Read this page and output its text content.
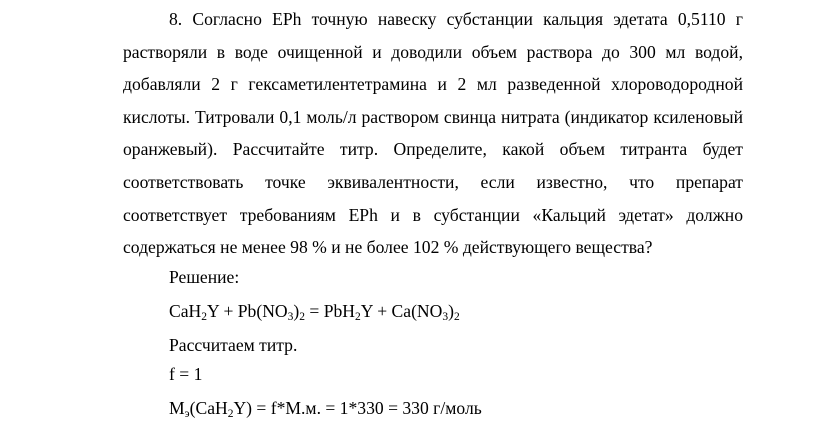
8. Согласно EPh точную навеску субстанции кальция эдетата 0,5110 г растворяли в воде очищенной и доводили объем раствора до 300 мл водой, добавляли 2 г гексаметилентетрамина и 2 мл разведенной хлороводородной кислоты. Титровали 0,1 моль/л раствором свинца нитрата (индикатор ксиленовый оранжевый). Рассчитайте титр. Определите, какой объем титранта будет соответствовать точке эквивалентности, если известно, что препарат соответствует требованиям EPh и в субстанции «Кальций эдетат» должно содержаться не менее 98 % и не более 102 % действующего вещества?

Решение:

$CaH_2Y + Pb(NO_3)_2 = PbH_2Y + Ca(NO_3)_2$

Рассчитаем титр.

f = 1

$M_э(CaH_2Y) = f*M.м$. = 1*330 = 330 г/моль
